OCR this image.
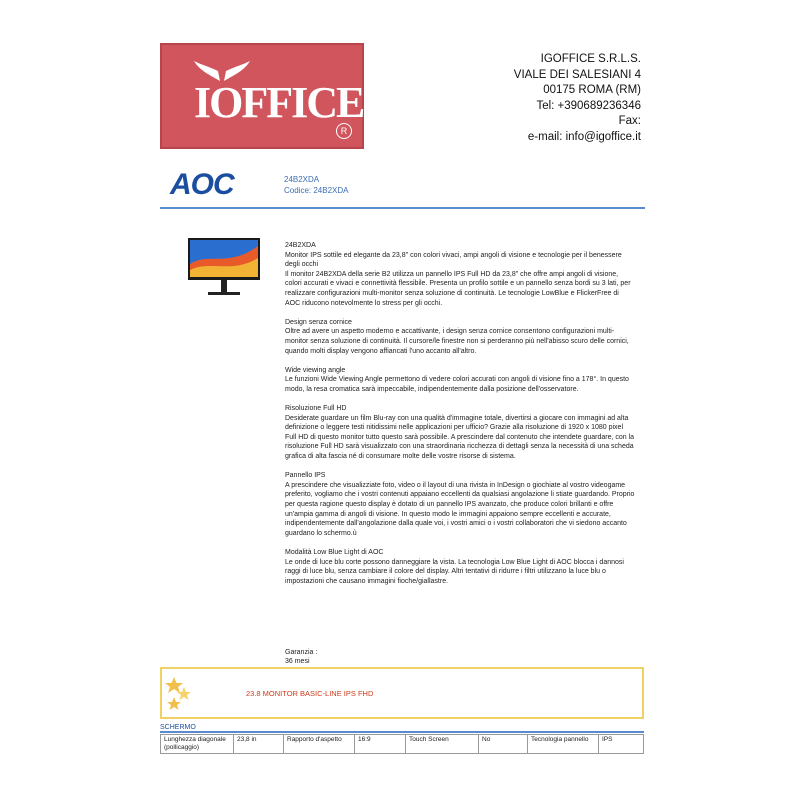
IOFFICE
R
IGOFFICE S.R.L.S.
VIALE DEI SALESIANI 4
00175 ROMA (RM)
Tel: +390689236346
Fax:
e-mail: info@igoffice.it
AOC	24B2XDA
Codice: 24B2XDA

24B2XDA

Monitor IPS sottile ed elegante da 23,8" con colori vivaci, ampi angoli di visione e tecnologie per il benessere degli occhi

Il monitor 24B2XDA della serie B2 utilizza un pannello IPS Full HD da 23,8" che offre ampi angoli di visione, colori accurati e vivaci e connettività flessibile. Presenta un profilo sottile e un pannello senza bordi su 3 lati, per realizzare configurazioni multi-monitor senza soluzione di continuità. Le tecnologie LowBlue e FlickerFree di AOC riducono notevolmente lo stress per gli occhi.

Design senza cornice

Oltre ad avere un aspetto moderno e accattivante, i design senza cornice consentono configurazioni multi-monitor senza soluzione di continuità. Il cursore/le finestre non si perderanno più nell'abisso scuro delle cornici, quando molti display vengono affiancati l'uno accanto all'altro.

Wide viewing angle

Le funzioni Wide Viewing Angle permettono di vedere colori accurati con angoli di visione fino a 178°. In questo modo, la resa cromatica sarà impeccabile, indipendentemente dalla posizione dell'osservatore.

Risoluzione Full HD

Desiderate guardare un film Blu-ray con una qualità d'immagine totale, divertirsi a giocare con immagini ad alta definizione o leggere testi nitidissimi nelle applicazioni per ufficio? Grazie alla risoluzione di 1920 x 1080 pixel Full HD di questo monitor tutto questo sarà possibile. A prescindere dal contenuto che intendete guardare, con la risoluzione Full HD sarà visualizzato con una straordinaria ricchezza di dettagli senza la necessità di una scheda grafica di alta fascia né di consumare molte delle vostre risorse di sistema.

Pannello IPS

A prescindere che visualizziate foto, video o il layout di una rivista in InDesign o giochiate al vostro videogame preferito, vogliamo che i vostri contenuti appaiano eccellenti da qualsiasi angolazione li stiate guardando. Proprio per questa ragione questo display è dotato di un pannello IPS avanzato, che produce colori brillanti e offre un'ampia gamma di angoli di visione. In questo modo le immagini appaiono sempre eccellenti e accurate, indipendentemente dall'angolazione dalla quale voi, i vostri amici o i vostri collaboratori che vi siedono accanto guardano lo schermo.ù

Modalità Low Blue Light di AOC

Le onde di luce blu corte possono danneggiare la vista. La tecnologia Low Blue Light di AOC blocca i dannosi raggi di luce blu, senza cambiare il colore del display. Altri tentativi di ridurre i filtri utilizzano la luce blu o impostazioni che causano immagini fioche/giallastre.

Garanzia :
36 mesi
23.8 MONITOR BASIC-LINE IPS FHD
SCHERMO
Lunghezza diagonale (pollicaggio)	23,8 in	Rapporto d'aspetto	16:9	Touch Screen	No	Tecnologia pannello	IPS
